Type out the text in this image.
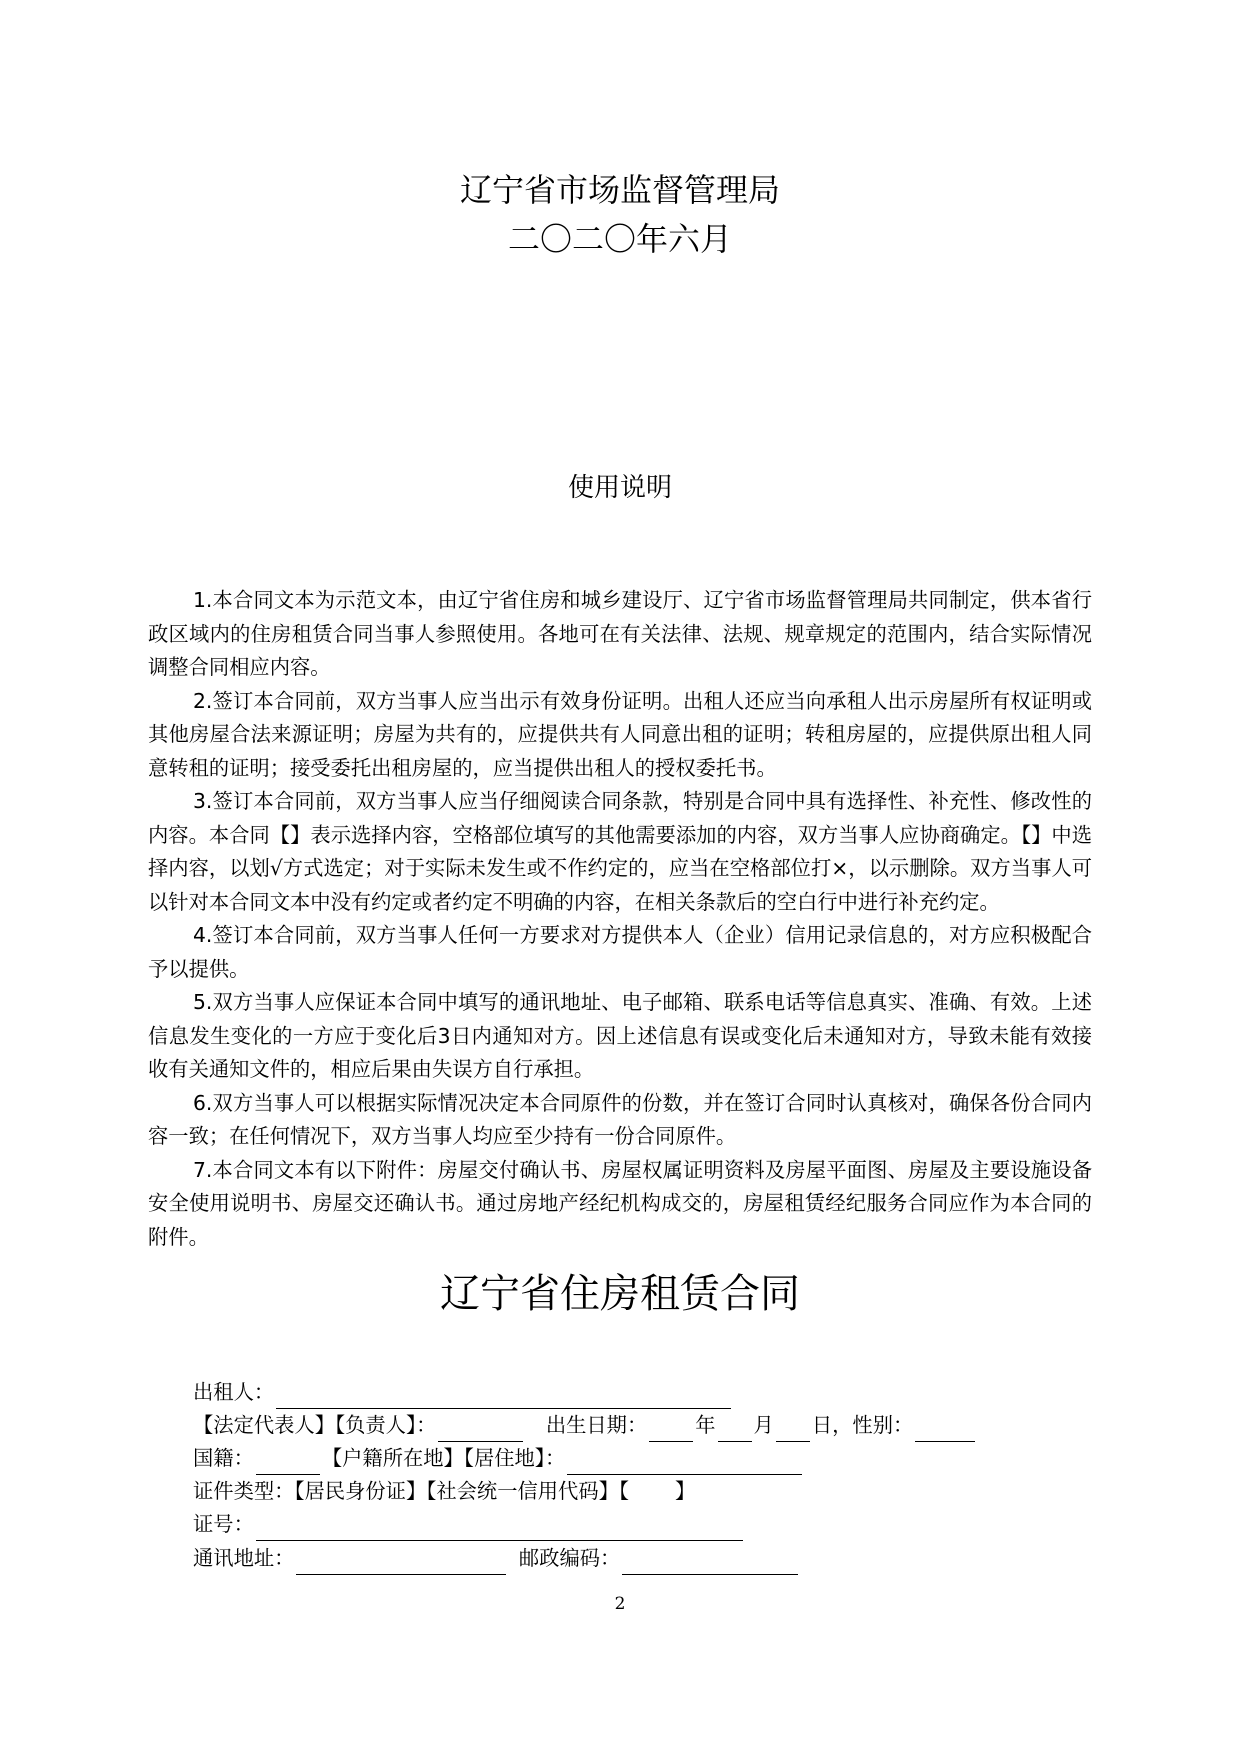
辽宁省市场监督管理局
二〇二〇年六月
使用说明

1.本合同文本为示范文本，由辽宁省住房和城乡建设厅、辽宁省市场监督管理局共同制定，供本省行政区域内的住房租赁合同当事人参照使用。各地可在有关法律、法规、规章规定的范围内，结合实际情况调整合同相应内容。

2.签订本合同前，双方当事人应当出示有效身份证明。出租人还应当向承租人出示房屋所有权证明或其他房屋合法来源证明；房屋为共有的，应提供共有人同意出租的证明；转租房屋的，应提供原出租人同意转租的证明；接受委托出租房屋的，应当提供出租人的授权委托书。

3.签订本合同前，双方当事人应当仔细阅读合同条款，特别是合同中具有选择性、补充性、修改性的内容。本合同【】表示选择内容，空格部位填写的其他需要添加的内容，双方当事人应协商确定。【】中选择内容，以划√方式选定；对于实际未发生或不作约定的，应当在空格部位打×，以示删除。双方当事人可以针对本合同文本中没有约定或者约定不明确的内容，在相关条款后的空白行中进行补充约定。

4.签订本合同前，双方当事人任何一方要求对方提供本人（企业）信用记录信息的，对方应积极配合予以提供。

5.双方当事人应保证本合同中填写的通讯地址、电子邮箱、联系电话等信息真实、准确、有效。上述信息发生变化的一方应于变化后3日内通知对方。因上述信息有误或变化后未通知对方，导致未能有效接收有关通知文件的，相应后果由失误方自行承担。

6.双方当事人可以根据实际情况决定本合同原件的份数，并在签订合同时认真核对，确保各份合同内容一致；在任何情况下，双方当事人均应至少持有一份合同原件。

7.本合同文本有以下附件：房屋交付确认书、房屋权属证明资料及房屋平面图、房屋及主要设施设备安全使用说明书、房屋交还确认书。通过房地产经纪机构成交的，房屋租赁经纪服务合同应作为本合同的附件。

辽宁省住房租赁合同
出租人：
【法定代表人】【负责人】：	出生日期： 年 月 日，性别：
国籍：	【户籍所在地】【居住地】：
证件类型：【居民身份证】【社会统一信用代码】【 】
证号：
通讯地址：	邮政编码：
2
